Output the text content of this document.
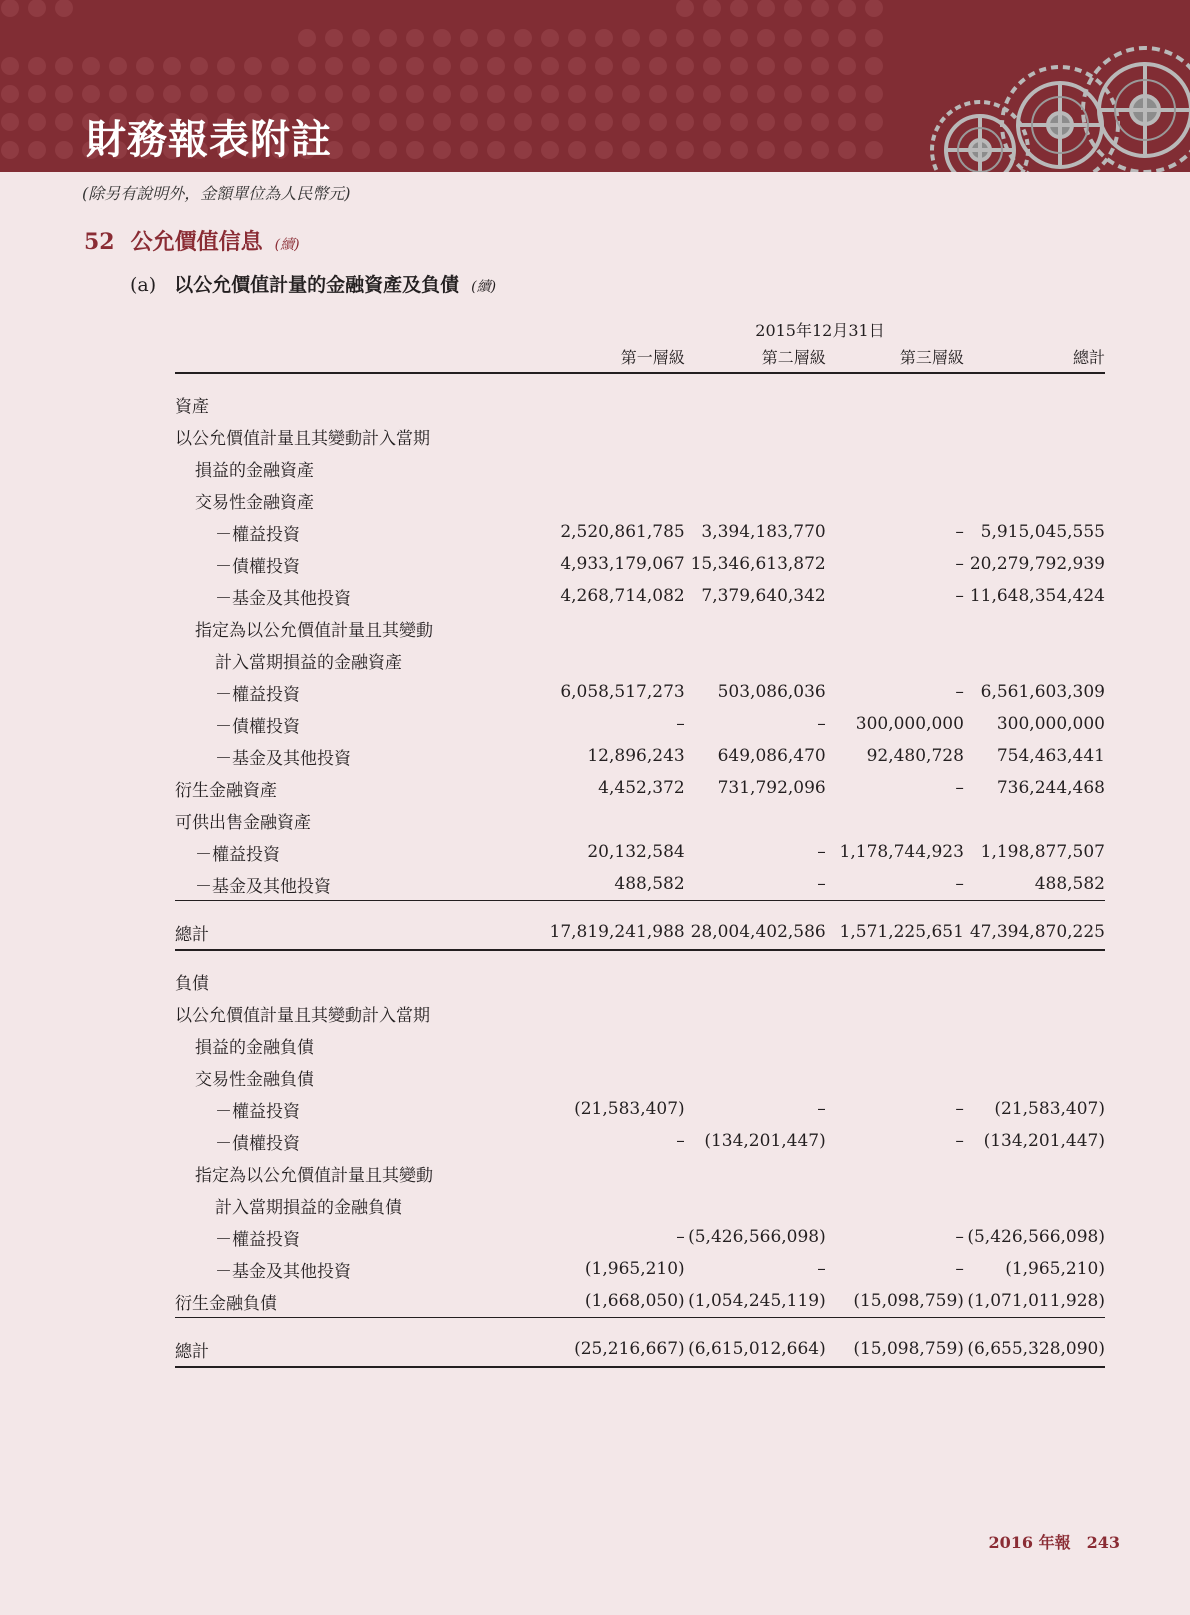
財務報表附註
(除另有說明外，金額單位為人民幣元)
52 公允價值信息 (續)
(a) 以公允價值計量的金融資產及負債 (續)
2015年12月31日
	第一層級	第二層級	第三層級	總計

資產				
以公允價值計量且其變動計入當期				
損益的金融資產				
交易性金融資產				
－權益投資	2,520,861,785	3,394,183,770	–	5,915,045,555
－債權投資	4,933,179,067	15,346,613,872	–	20,279,792,939
－基金及其他投資	4,268,714,082	7,379,640,342	–	11,648,354,424
指定為以公允價值計量且其變動				
計入當期損益的金融資產				
－權益投資	6,058,517,273	503,086,036	–	6,561,603,309
－債權投資	–	–	300,000,000	300,000,000
－基金及其他投資	12,896,243	649,086,470	92,480,728	754,463,441
衍生金融資產	4,452,372	731,792,096	–	736,244,468
可供出售金融資產				
－權益投資	20,132,584	–	1,178,744,923	1,198,877,507
－基金及其他投資	488,582	–	–	488,582

總計	17,819,241,988	28,004,402,586	1,571,225,651	47,394,870,225

負債				
以公允價值計量且其變動計入當期				
損益的金融負債				
交易性金融負債				
－權益投資	(21,583,407)	–	–	(21,583,407)
－債權投資	–	(134,201,447)	–	(134,201,447)
指定為以公允價值計量且其變動				
計入當期損益的金融負債				
－權益投資	–	(5,426,566,098)	–	(5,426,566,098)
－基金及其他投資	(1,965,210)	–	–	(1,965,210)
衍生金融負債	(1,668,050)	(1,054,245,119)	(15,098,759)	(1,071,011,928)

總計	(25,216,667)	(6,615,012,664)	(15,098,759)	(6,655,328,090)
2016 年報 243
